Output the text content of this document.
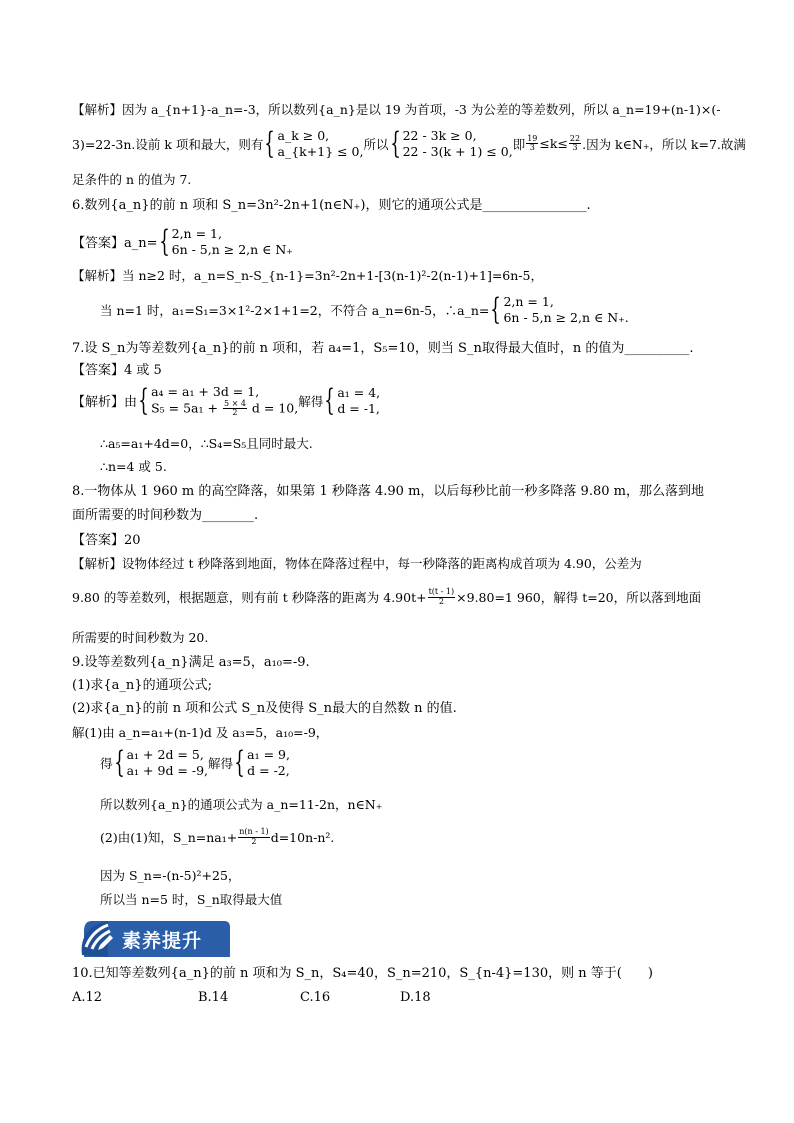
【解析】因为 a_{n+1}-a_n=-3，所以数列{a_n}是以 19 为首项，-3 为公差的等差数列，所以 a_n=19+(n-1)×(-
3)=22-3n.设前 k 项和最大，则有 { a_k ≥ 0,
a_{k+1} ≤ 0, 所以 { 22 - 3k ≥ 0,
22 - 3(k + 1) ≤ 0, 即 $\frac{19}{3} \le k\le \frac{22}{3}$ .因为 k∈N₊，所以 k=7.故满
足条件的 n 的值为 7.
6.数列{a_n}的前 n 项和 S_n=3n²-2n+1(n∈N₊)，则它的通项公式是________________.
【答案】a_n= { 2,n = 1,
6n - 5,n ≥ 2,n ∈ N₊
【解析】当 n≥2 时，a_n=S_n-S_{n-1}=3n²-2n+1-[3(n-1)²-2(n-1)+1]=6n-5，
当 n=1 时，a₁=S₁=3×1²-2×1+1=2，不符合 a_n=6n-5，∴a_n= { 2,n = 1,
6n - 5,n ≥ 2,n ∈ N₊.
7.设 S_n为等差数列{a_n}的前 n 项和，若 a₄=1，S₅=10，则当 S_n取得最大值时，n 的值为__________.
【答案】4 或 5
【解析】由 { a₄ = a₁ + 3d = 1,
$S_5 = 5a_1 + \frac{5 \times 4}{2}$ d = 10, 解得 { a₁ = 4,
d = -1,
∴a₅=a₁+4d=0，∴S₄=S₅且同时最大.
∴n=4 或 5.
8.一物体从 1 960 m 的高空降落，如果第 1 秒降落 4.90 m，以后每秒比前一秒多降落 9.80 m，那么落到地
面所需要的时间秒数为________.
【答案】20
【解析】设物体经过 t 秒降落到地面，物体在降落过程中，每一秒降落的距离构成首项为 4.90，公差为
9.80 的等差数列，根据题意，则有前 t 秒降落的距离为 $4.90t+ \frac{t(t - 1)}{2} \times 9.80=1$ 960，解得 t=20，所以落到地面
所需要的时间秒数为 20.
9.设等差数列{a_n}满足 a₃=5，a₁₀=-9.
(1)求{a_n}的通项公式;
(2)求{a_n}的前 n 项和公式 S_n及使得 S_n最大的自然数 n 的值.
解(1)由 a_n=a₁+(n-1)d 及 a₃=5，a₁₀=-9，
得 { a₁ + 2d = 5,
a₁ + 9d = -9, 解得 { a₁ = 9,
d = -2,
所以数列{a_n}的通项公式为 a_n=11-2n，n∈N₊
(2)由(1)知，S_n=na₁+ $\frac{n(n - 1)}{2} d=10n-n^2$.
因为 S_n=-(n-5)²+25，
所以当 n=5 时，S_n取得最大值
素养提升
10.已知等差数列{a_n}的前 n 项和为 S_n，S₄=40，S_n=210，S_{n-4}=130，则 n 等于(　　)
A.12	B.14	C.16	D.18
